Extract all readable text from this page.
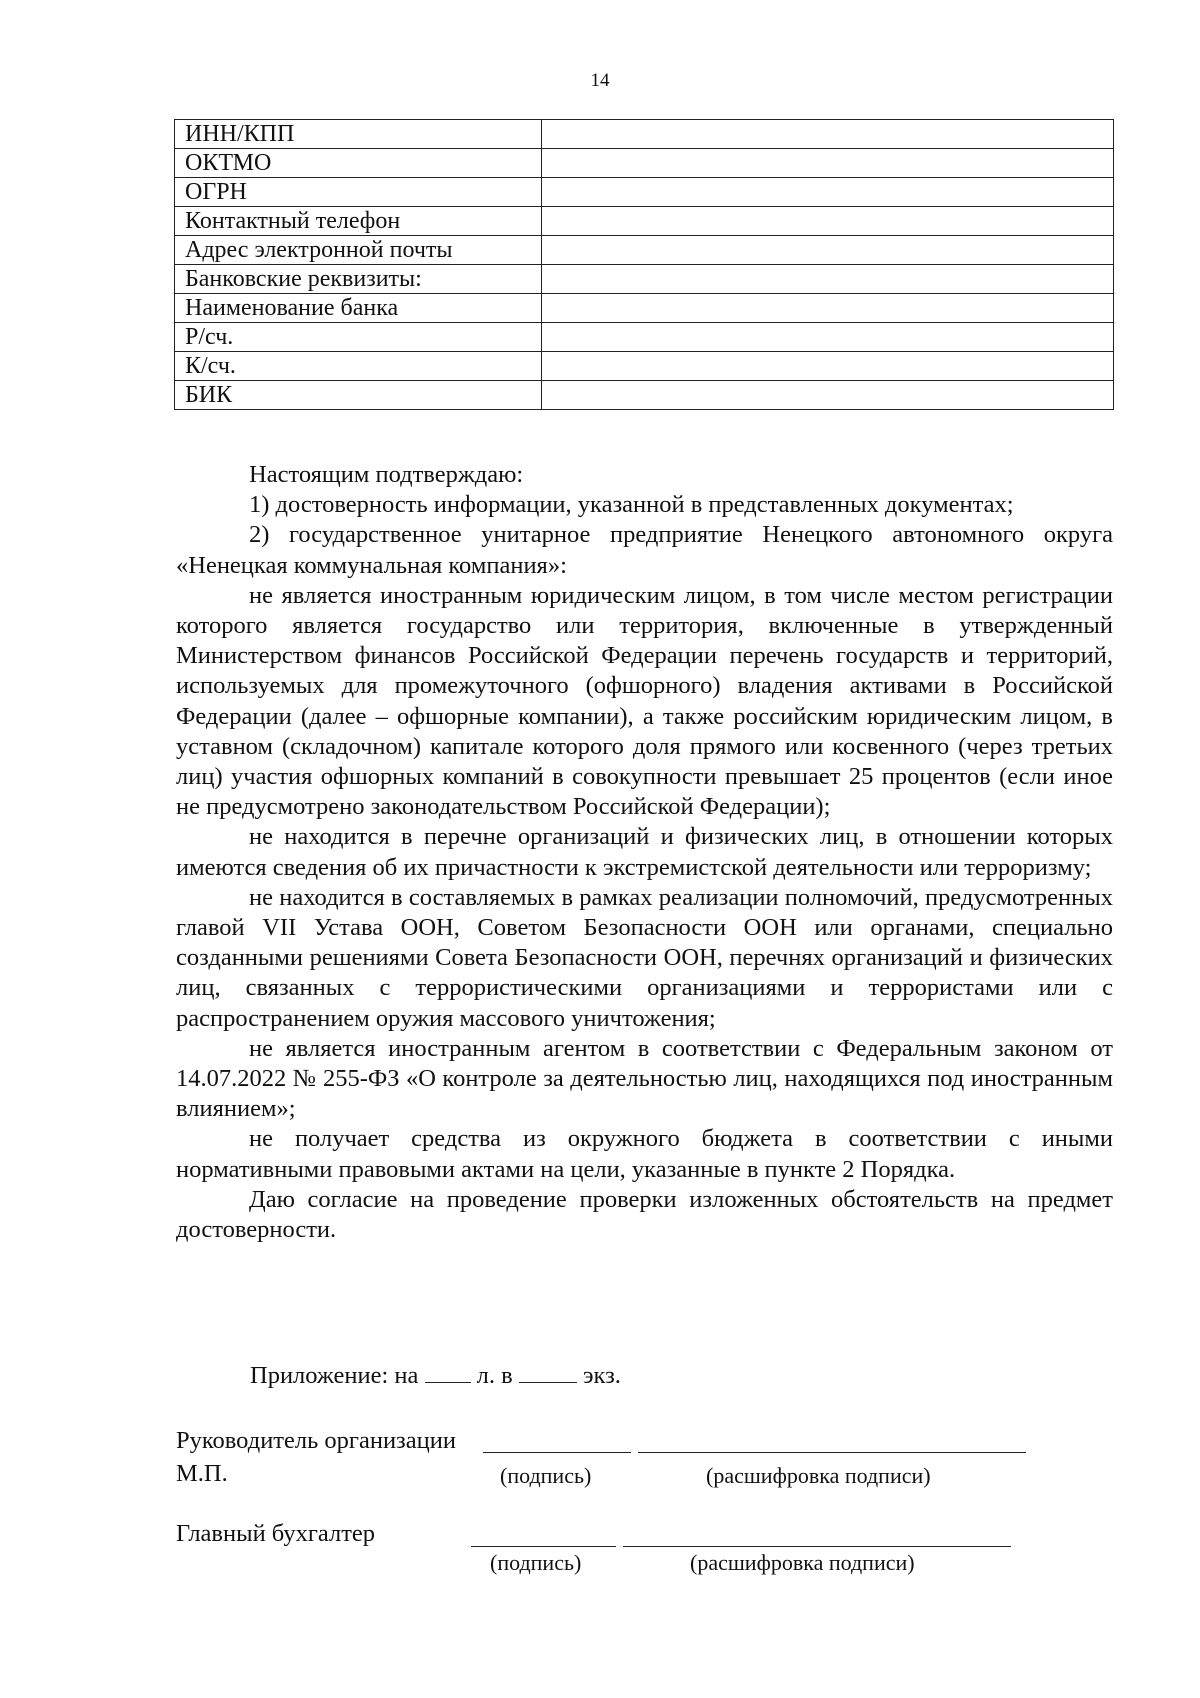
14
ИНН/КПП	
ОКТМО	
ОГРН	
Контактный телефон	
Адрес электронной почты	
Банковские реквизиты:	
Наименование банка	
Р/сч.	
К/сч.	
БИК	

Настоящим подтверждаю:

1) достоверность информации, указанной в представленных документах;

2) государственное унитарное предприятие Ненецкого автономного округа «Ненецкая коммунальная компания»:

не является иностранным юридическим лицом, в том числе местом регистрации которого является государство или территория, включенные в утвержденный Министерством финансов Российской Федерации перечень государств и территорий, используемых для промежуточного (офшорного) владения активами в Российской Федерации (далее – офшорные компании), а также российским юридическим лицом, в уставном (складочном) капитале которого доля прямого или косвенного (через третьих лиц) участия офшорных компаний в совокупности превышает 25 процентов (если иное не предусмотрено законодательством Российской Федерации);

не находится в перечне организаций и физических лиц, в отношении которых имеются сведения об их причастности к экстремистской деятельности или терроризму;

не находится в составляемых в рамках реализации полномочий, предусмотренных главой VII Устава ООН, Советом Безопасности ООН или органами, специально созданными решениями Совета Безопасности ООН, перечнях организаций и физических лиц, связанных с террористическими организациями и террористами или с распространением оружия массового уничтожения;

не является иностранным агентом в соответствии с Федеральным законом от 14.07.2022 № 255-ФЗ «О контроле за деятельностью лиц, находящихся под иностранным влиянием»;

не получает средства из окружного бюджета в соответствии с иными нормативными правовыми актами на цели, указанные в пункте 2 Порядка.

Даю согласие на проведение проверки изложенных обстоятельств на предмет достоверности.

Приложение: на л. в	экз.
Руководитель организации
М.П.	(подпись)	(расшифровка подписи)
Главный бухгалтер
(подпись)	(расшифровка подписи)
